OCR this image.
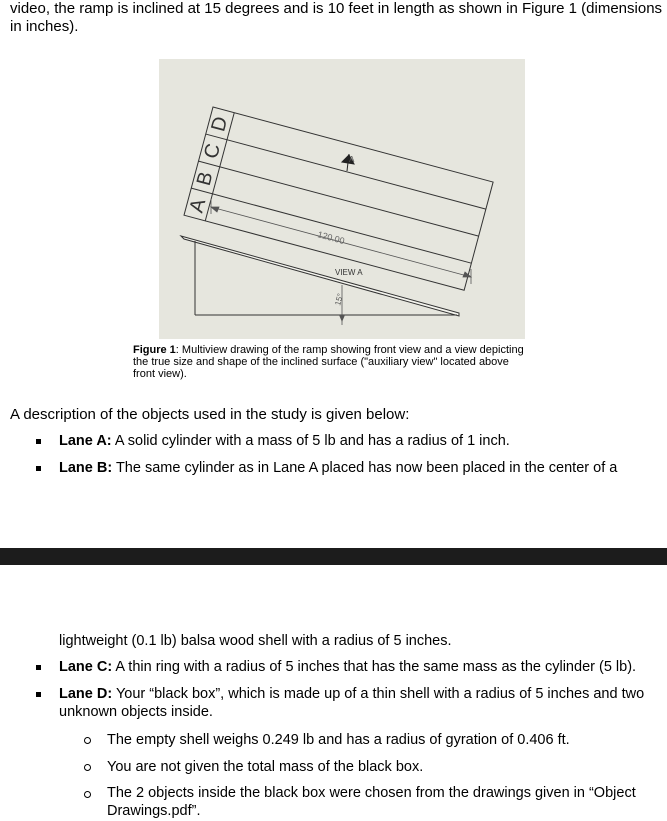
video, the ramp is inclined at 15 degrees and is 10 feet in length as shown in Figure 1 (dimensions in inches).
A
B
C
D
A
120.00
VIEW A
15°
Figure 1: Multiview drawing of the ramp showing front view and a view depicting the true size and shape of the inclined surface ("auxiliary view" located above front view).
A description of the objects used in the study is given below:
Lane A: A solid cylinder with a mass of 5 lb and has a radius of 1 inch.
Lane B: The same cylinder as in Lane A placed has now been placed in the center of a
lightweight (0.1 lb) balsa wood shell with a radius of 5 inches.
Lane C: A thin ring with a radius of 5 inches that has the same mass as the cylinder (5 lb).
Lane D: Your “black box”, which is made up of a thin shell with a radius of 5 inches and two unknown objects inside.
The empty shell weighs 0.249 lb and has a radius of gyration of 0.406 ft.
You are not given the total mass of the black box.
The 2 objects inside the black box were chosen from the drawings given in “Object Drawings.pdf”.
